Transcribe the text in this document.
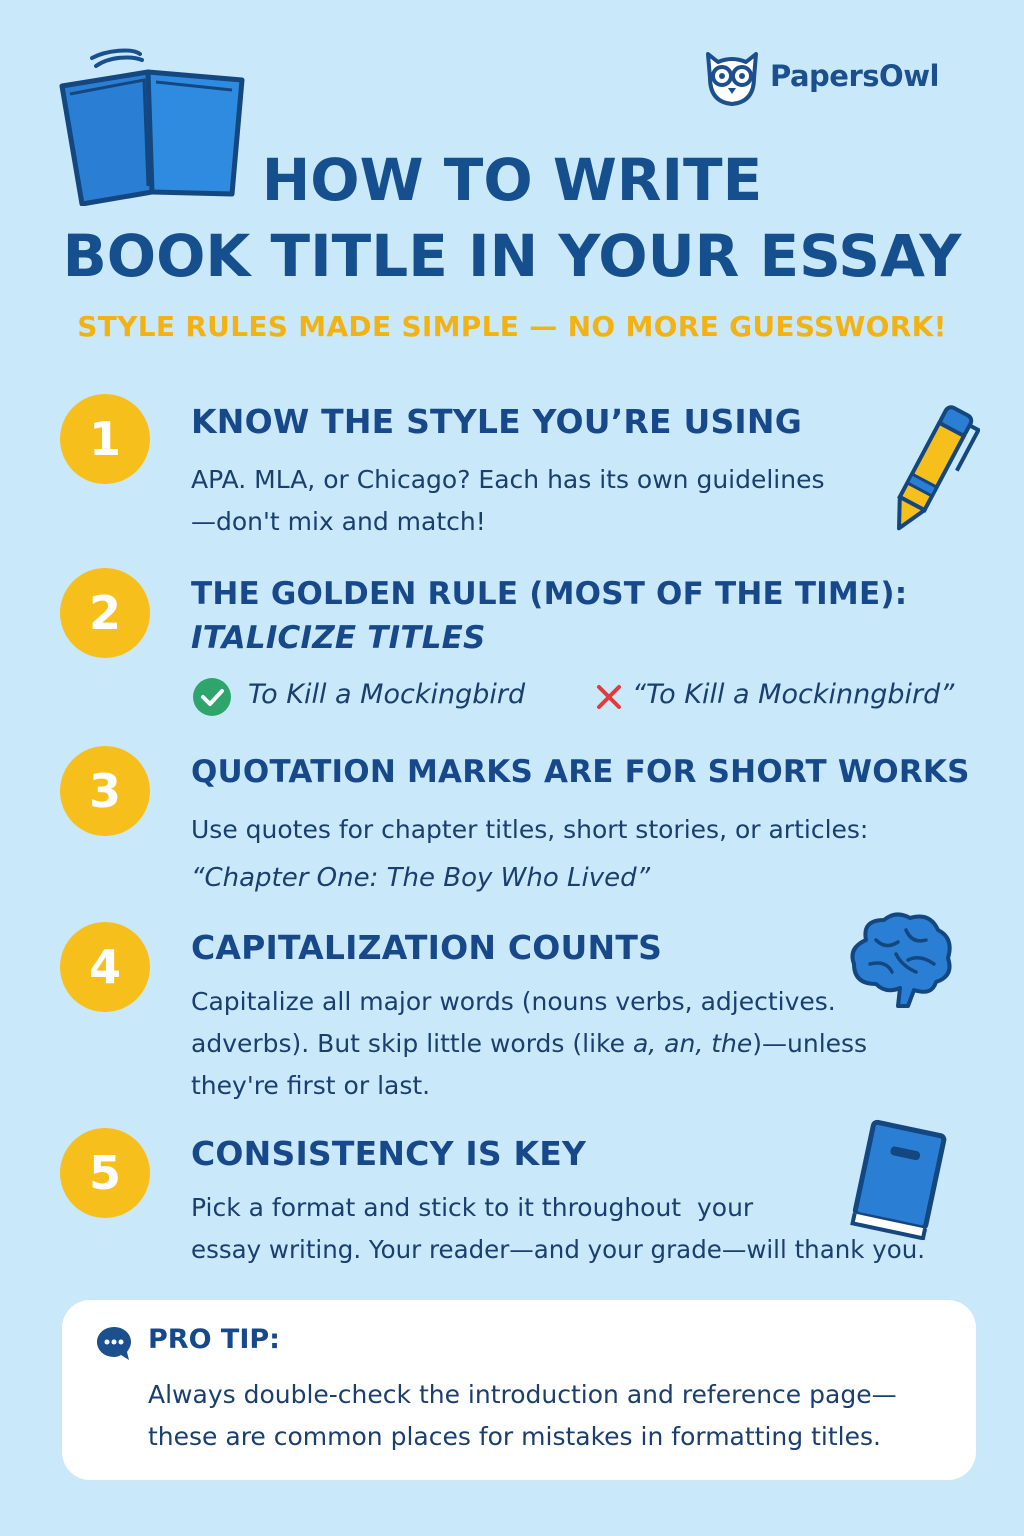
PapersOwl
HOW TO WRITE
BOOK TITLE IN YOUR ESSAY
STYLE RULES MADE SIMPLE — NO MORE GUESSWORK!
1	KNOW THE STYLE YOU’RE USING
APA. MLA, or Chicago? Each has its own guidelines
—don't mix and match!
2	THE GOLDEN RULE (MOST OF THE TIME):
ITALICIZE TITLES
To Kill a Mockingbird	“To Kill a Mockinngbird”
3	QUOTATION MARKS ARE FOR SHORT WORKS
Use quotes for chapter titles, short stories, or articles:
“Chapter One: The Boy Who Lived”
4	CAPITALIZATION COUNTS
Capitalize all major words (nouns verbs, adjectives.
adverbs). But skip little words (like a, an, the)—unless
they're first or last.
5	CONSISTENCY IS KEY
Pick a format and stick to it throughout  your
essay writing. Your reader—and your grade—will thank you.
PRO TIP:
Always double-check the introduction and reference page—
these are common places for mistakes in formatting titles.
